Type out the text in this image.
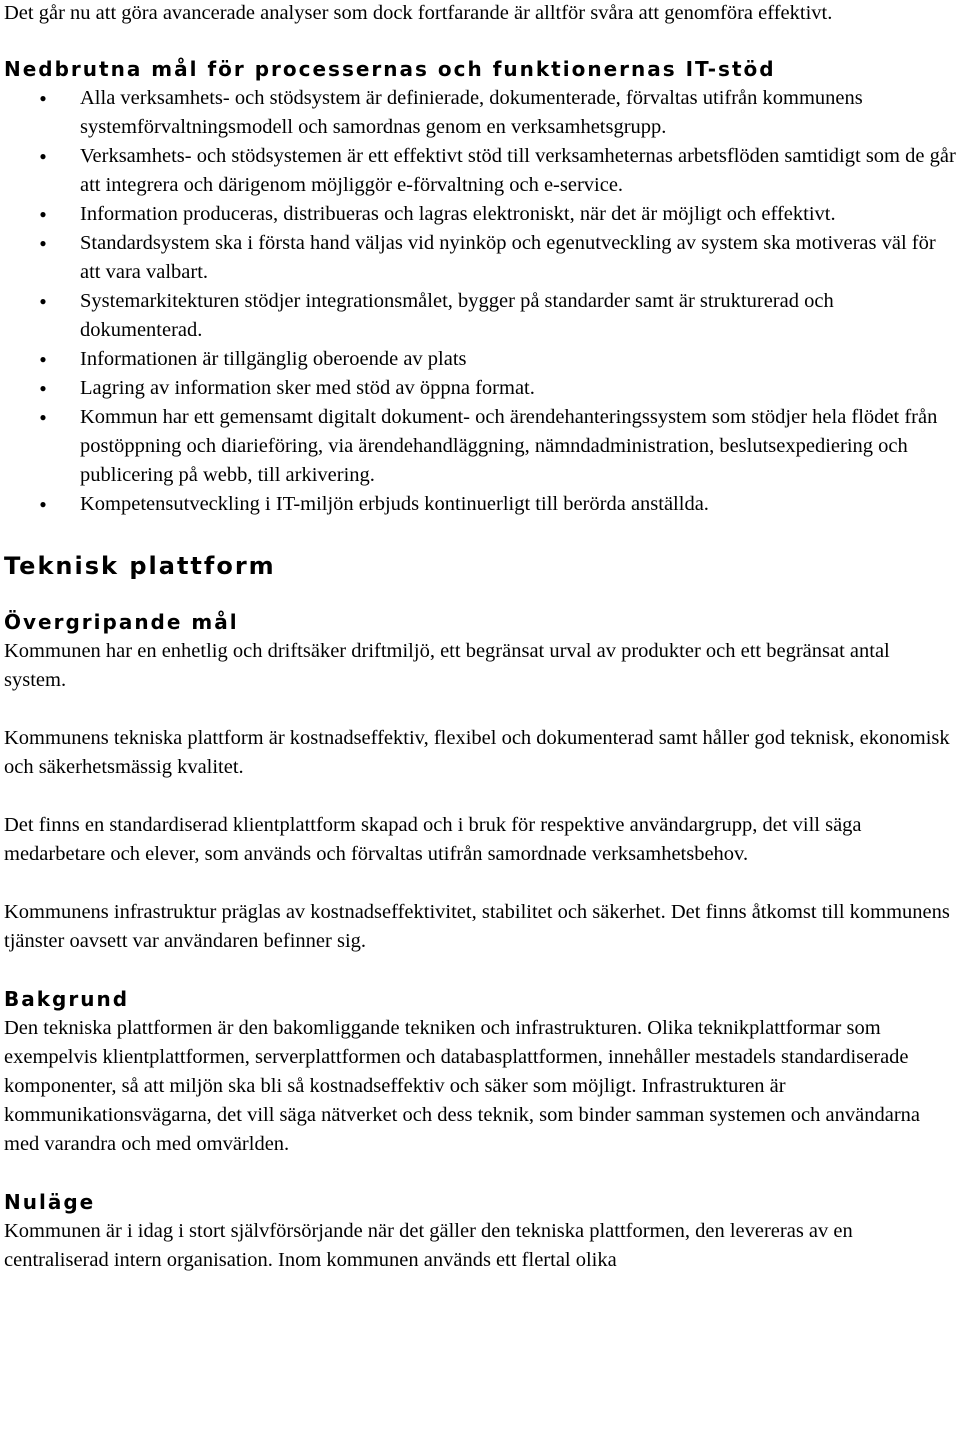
Det går nu att göra avancerade analyser som dock fortfarande är alltför svåra att genomföra effektivt.

Nedbrutna mål för processernas och funktionernas IT-stöd
● Alla verksamhets- och stödsystem är definierade, dokumenterade, förvaltas utifrån kommunens systemförvaltningsmodell och samordnas genom en verksamhetsgrupp.
● Verksamhets- och stödsystemen är ett effektivt stöd till verksamheternas arbetsflöden samtidigt som de går att integrera och därigenom möjliggör e-förvaltning och e-service.
● Information produceras, distribueras och lagras elektroniskt, när det är möjligt och effektivt.
● Standardsystem ska i första hand väljas vid nyinköp och egenutveckling av system ska motiveras väl för att vara valbart.
● Systemarkitekturen stödjer integrationsmålet, bygger på standarder samt är strukturerad och dokumenterad.
● Informationen är tillgänglig oberoende av plats
● Lagring av information sker med stöd av öppna format.
● Kommun har ett gemensamt digitalt dokument- och ärendehanteringssystem som stödjer hela flödet från postöppning och diarieföring, via ärendehandläggning, nämndadministration, beslutsexpediering och publicering på webb, till arkivering.
● Kompetensutveckling i IT-miljön erbjuds kontinuerligt till berörda anställda.
Teknisk plattform
Övergripande mål

Kommunen har en enhetlig och driftsäker driftmiljö, ett begränsat urval av produkter och ett begränsat antal system.

Kommunens tekniska plattform är kostnadseffektiv, flexibel och dokumenterad samt håller god teknisk, ekonomisk och säkerhetsmässig kvalitet.

Det finns en standardiserad klientplattform skapad och i bruk för respektive användargrupp, det vill säga medarbetare och elever, som används och förvaltas utifrån samordnade verksamhetsbehov.

Kommunens infrastruktur präglas av kostnadseffektivitet, stabilitet och säkerhet. Det finns åtkomst till kommunens tjänster oavsett var användaren befinner sig.

Bakgrund

Den tekniska plattformen är den bakomliggande tekniken och infrastrukturen. Olika teknikplattformar som exempelvis klientplattformen, serverplattformen och databasplattformen, innehåller mestadels standardiserade komponenter, så att miljön ska bli så kostnadseffektiv och säker som möjligt. Infrastrukturen är kommunikationsvägarna, det vill säga nätverket och dess teknik, som binder samman systemen och användarna med varandra och med omvärlden.

Nuläge

Kommunen är i idag i stort självförsörjande när det gäller den tekniska plattformen, den levereras av en centraliserad intern organisation. Inom kommunen används ett flertal olika
